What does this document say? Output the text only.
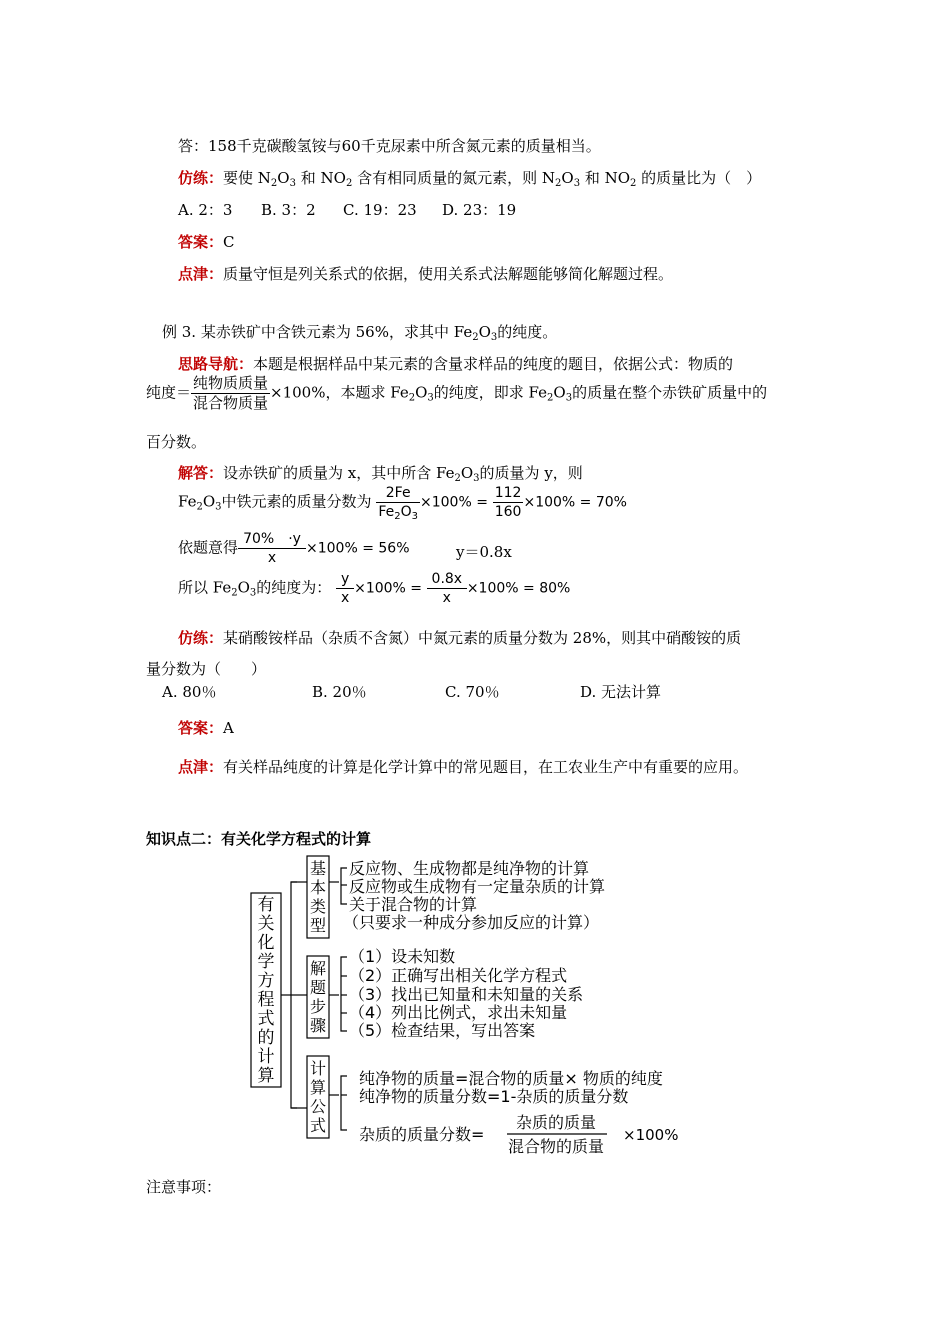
答：158千克碳酸氢铵与60千克尿素中所含氮元素的质量相当。
仿练：要使 $N_2O_3$ 和 $NO_2$ 含有相同质量的氮元素，则 $N_2O_3$ 和 $NO_2$ 的质量比为（　）
A. 2：3 B. 3：2 C. 19：23 D. 23：19
答案：C
点津：质量守恒是列关系式的依据，使用关系式法解题能够简化解题过程。
例 3. 某赤铁矿中含铁元素为 56%，求其中 $Fe_2O_3$的纯度。
思路导航：本题是根据样品中某元素的含量求样品的纯度的题目，依据公式：物质的
纯度＝ $\frac{\text{纯物质质量}}{\text{混合物质量}} \times 100\%$，本题求 $Fe_2O_3$的纯度，即求 $Fe_2O_3$的质量在整个赤铁矿质量中的
百分数。
解答：设赤铁矿的质量为 x，其中所含 $Fe_2O_3$的质量为 y，则
$Fe_2O_3$中铁元素的质量分数为 $\frac{2Fe}{Fe_2O_3} \times 100\% = \frac{112}{160} \times 100\% = 70\%$
依题意得 $\frac{70\% \cdot y}{x} \times 100\% = 56\%$	y＝0.8x
所以 $Fe_2O_3$的纯度为： $\frac{y}{x} \times 100\% = \frac{0.8x}{x} \times 100\% = 80\%$
仿练：某硝酸铵样品（杂质不含氮）中氮元素的质量分数为 28%，则其中硝酸铵的质
量分数为（　　）
A. 80％	B. 20％	C. 70％	D. 无法计算
答案：A
点津：有关样品纯度的计算是化学计算中的常见题目，在工农业生产中有重要的应用。
知识点二：有关化学方程式的计算
有
关
化
学
方
程
式
的
计
算
基
本
类
型
反应物、生成物都是纯净物的计算
反应物或生成物有一定量杂质的计算
关于混合物的计算
（只要求一种成分参加反应的计算）
解
题
步
骤
（1）设未知数
（2）正确写出相关化学方程式
（3）找出已知量和未知量的关系
（4）列出比例式，求出未知量
（5）检查结果，写出答案
计
算
公
式
纯净物的质量=混合物的质量× 物质的纯度
纯净物的质量分数=1-杂质的质量分数
杂质的质量分数=
杂质的质量
混合物的质量
×100%
注意事项：
